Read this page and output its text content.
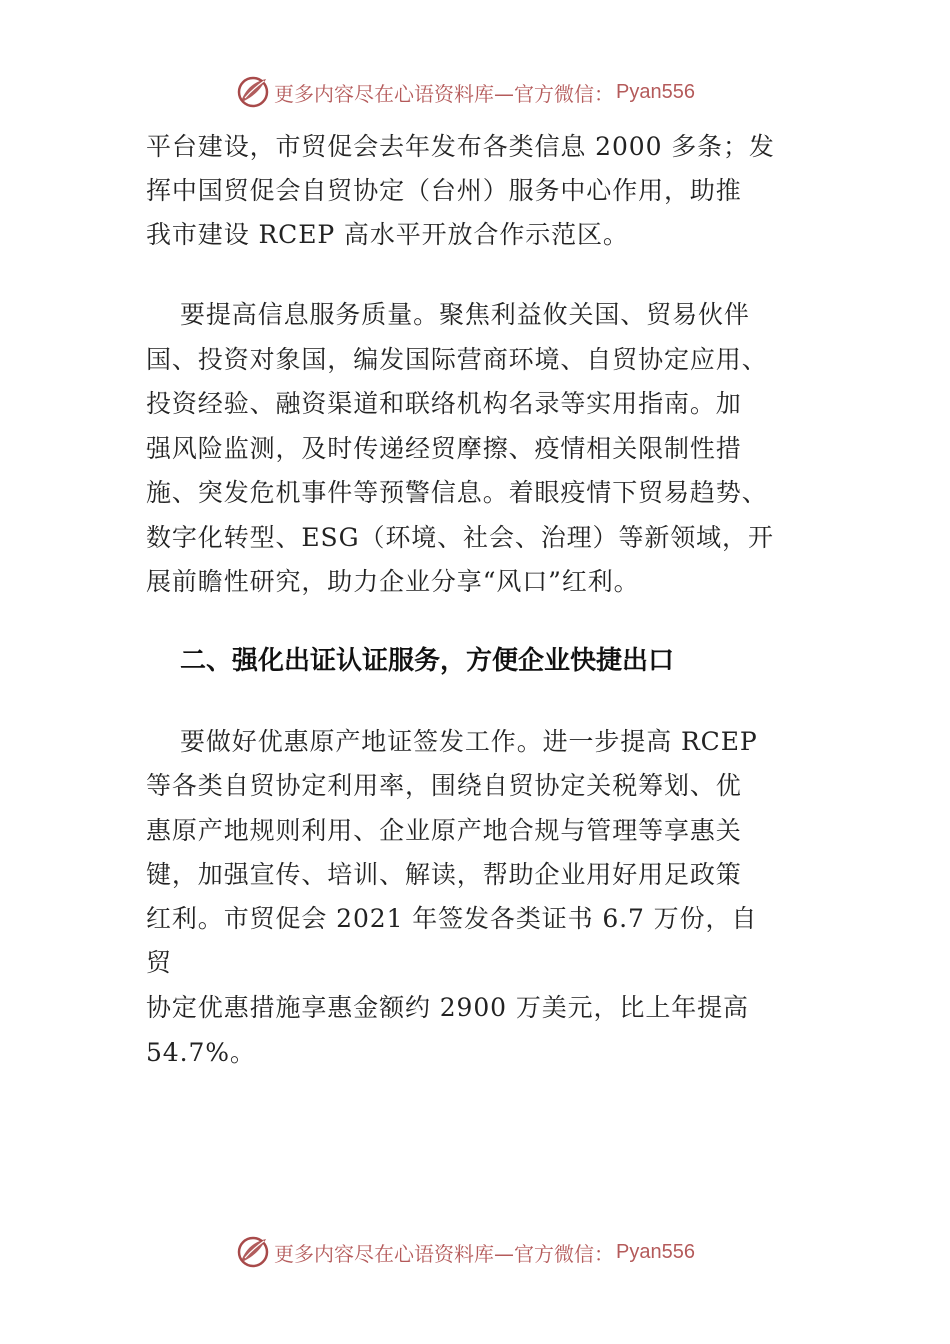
更多内容尽在心语资料库—官方微信： Pyan556
平台建设，市贸促会去年发布各类信息 2000 多条；发
挥中国贸促会自贸协定（台州）服务中心作用，助推
我市建设 RCEP 高水平开放合作示范区。
要提高信息服务质量。聚焦利益攸关国、贸易伙伴
国、投资对象国，编发国际营商环境、自贸协定应用、
投资经验、融资渠道和联络机构名录等实用指南。加
强风险监测，及时传递经贸摩擦、疫情相关限制性措
施、突发危机事件等预警信息。着眼疫情下贸易趋势、
数字化转型、ESG（环境、社会、治理）等新领域，开
展前瞻性研究，助力企业分享“风口”红利。
二、强化出证认证服务，方便企业快捷出口
要做好优惠原产地证签发工作。进一步提高 RCEP
等各类自贸协定利用率，围绕自贸协定关税筹划、优
惠原产地规则利用、企业原产地合规与管理等享惠关
键，加强宣传、培训、解读，帮助企业用好用足政策
红利。市贸促会 2021 年签发各类证书 6.7 万份，自
贸
协定优惠措施享惠金额约 2900 万美元，比上年提高
54.7%。
更多内容尽在心语资料库—官方微信： Pyan556
